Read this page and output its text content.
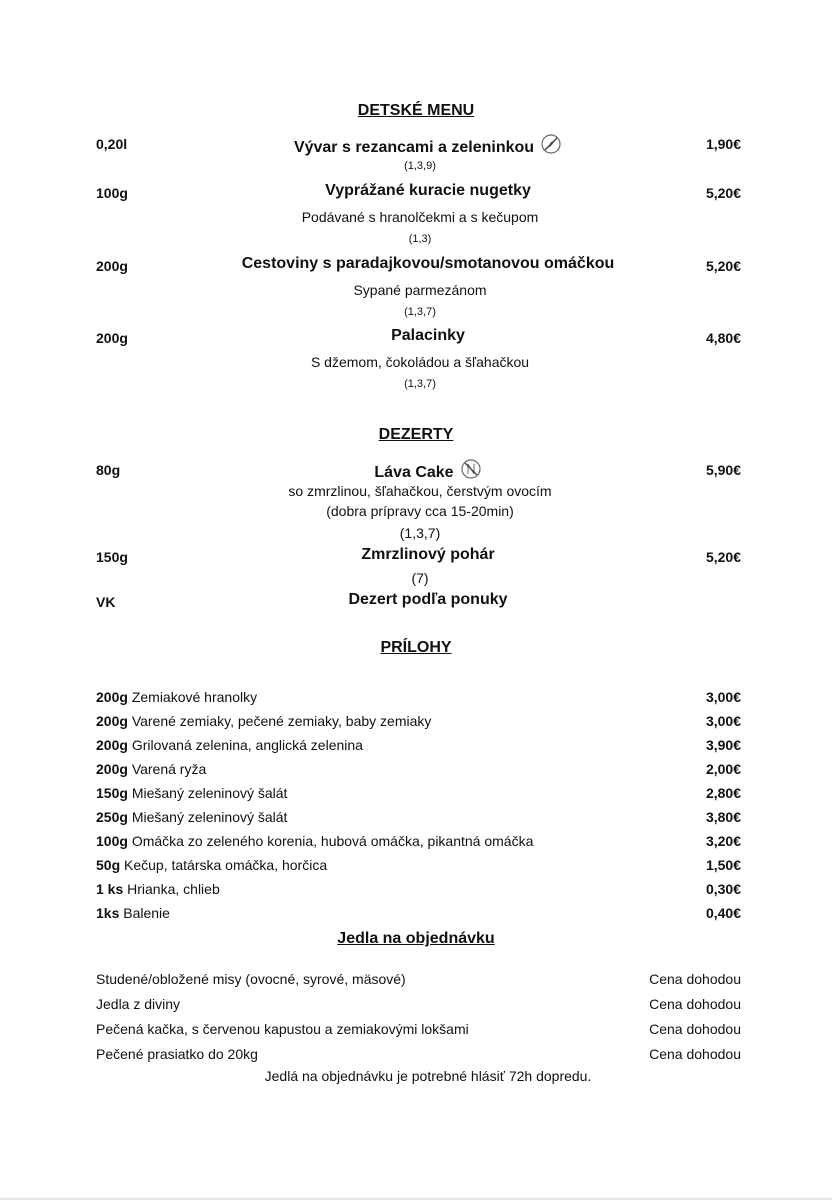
DETSKÉ MENU
0,20l	Vývar s rezancami a zeleninkou	1,90€
(1,3,9)
100g	Vyprážané kuracie nugetky	5,20€
Podávané s hranolčekmi a s kečupom
(1,3)
200g	Cestoviny s paradajkovou/smotanovou omáčkou	5,20€
Sypané parmezánom
(1,3,7)
200g	Palacinky	4,80€
S džemom, čokoládou a šľahačkou
(1,3,7)
DEZERTY
80g	Láva Cake	5,90€
so zmrzlinou, šľahačkou, čerstvým ovocím
(dobra prípravy cca 15-20min)
(1,3,7)
150g	Zmrzlinový pohár	5,20€
(7)
VK	Dezert podľa ponuky
PRÍLOHY
200g Zemiakové hranolky	3,00€
200g Varené zemiaky, pečené zemiaky, baby zemiaky	3,00€
200g Grilovaná zelenina, anglická zelenina	3,90€
200g Varená ryža	2,00€
150g Miešaný zeleninový šalát	2,80€
250g Miešaný zeleninový šalát	3,80€
100g Omáčka zo zeleného korenia, hubová omáčka, pikantná omáčka	3,20€
50g Kečup, tatárska omáčka, horčica	1,50€
1 ks Hrianka, chlieb	0,30€
1ks Balenie	0,40€
Jedla na objednávku
Studené/obložené misy (ovocné, syrové, mäsové)	Cena dohodou
Jedla z diviny	Cena dohodou
Pečená kačka, s červenou kapustou a zemiakovými lokšami	Cena dohodou
Pečené prasiatko do 20kg	Cena dohodou
Jedlá na objednávku je potrebné hlásiť 72h dopredu.
